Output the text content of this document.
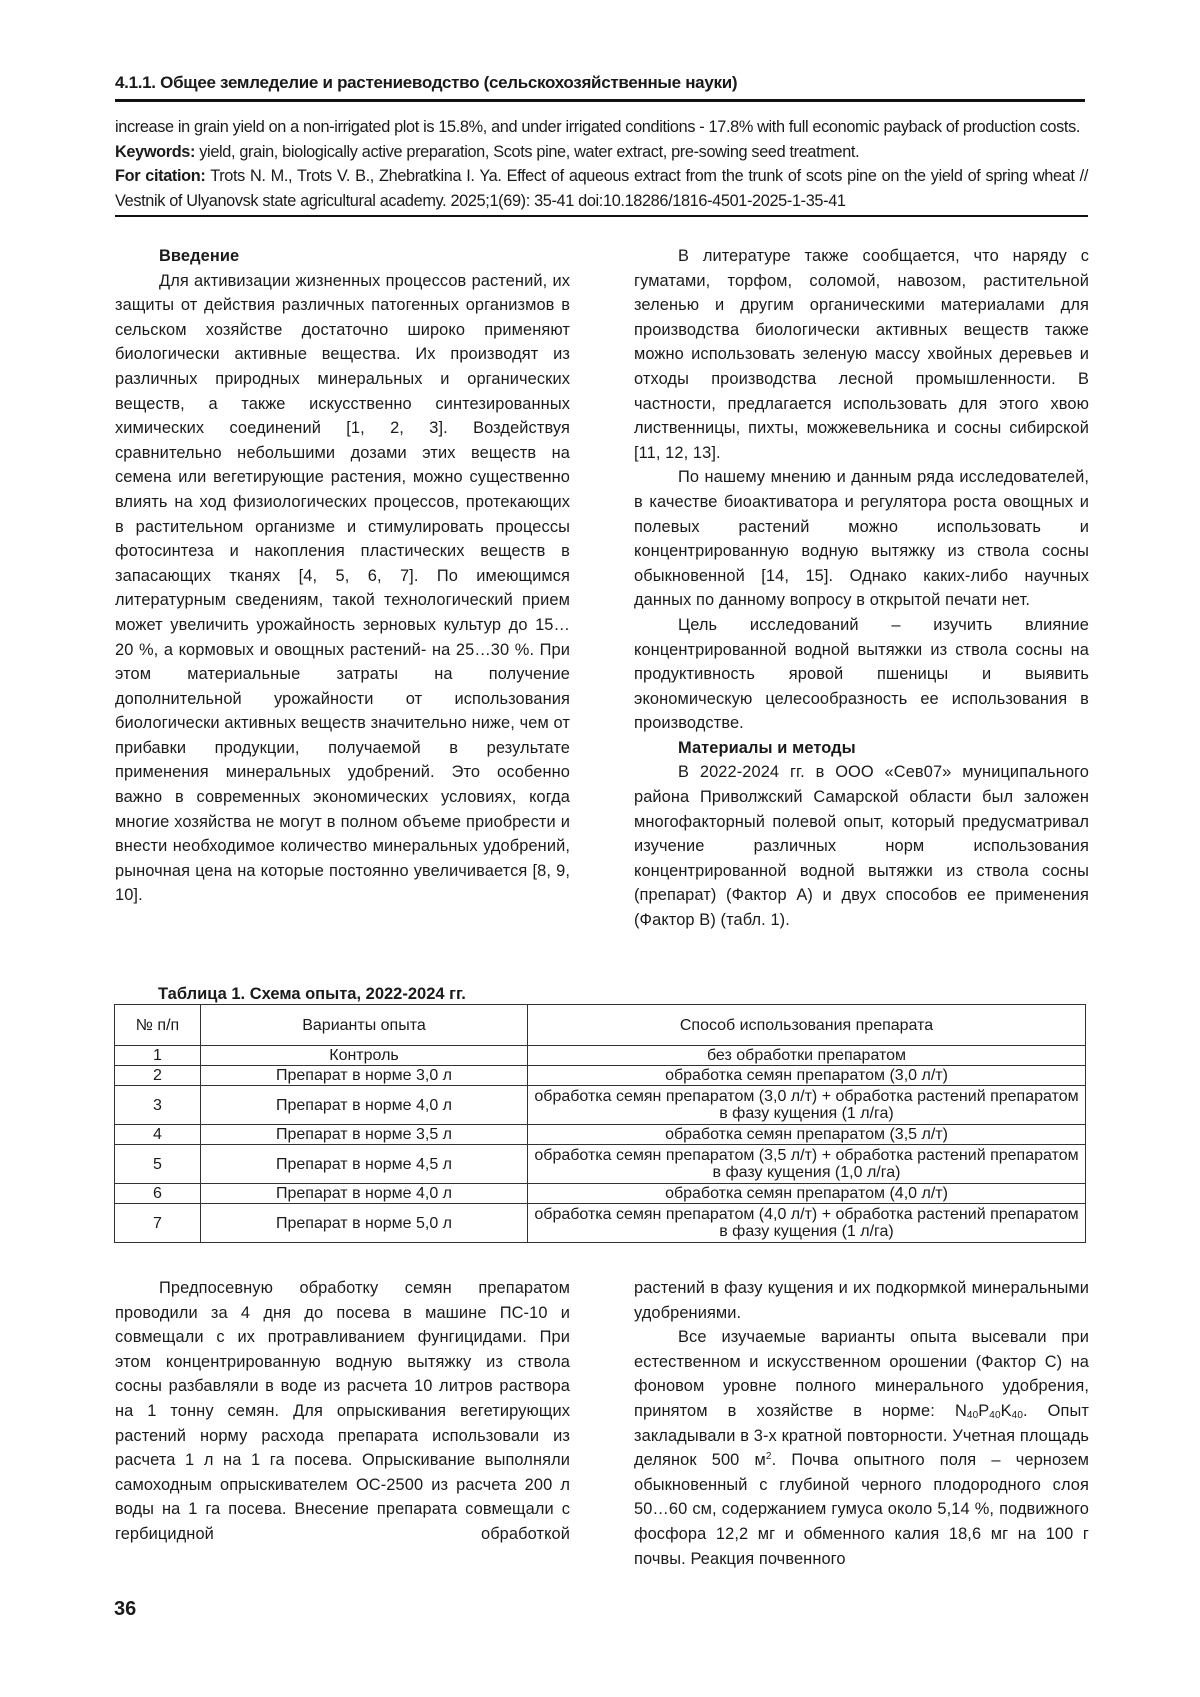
4.1.1. Общее земледелие и растениеводство (сельскохозяйственные науки)

increase in grain yield on a non-irrigated plot is 15.8%, and under irrigated conditions - 17.8% with full economic payback of production costs.

Keywords: yield, grain, biologically active preparation, Scots pine, water extract, pre-sowing seed treatment.

For citation: Trots N. M., Trots V. B., Zhebratkina I. Ya. Effect of aqueous extract from the trunk of scots pine on the yield of spring wheat // Vestnik of Ulyanovsk state agricultural academy. 2025;1(69): 35-41 doi:10.18286/1816-4501-2025-1-35-41

Введение

Для активизации жизненных процессов растений, их защиты от действия различных патогенных организмов в сельском хозяйстве достаточно широко применяют биологически активные вещества. Их производят из различных природных минеральных и органических веществ, а также искусственно синтезированных химических соединений [1, 2, 3]. Воздействуя сравнительно небольшими дозами этих веществ на семена или вегетирующие растения, можно существенно влиять на ход физиологических процессов, протекающих в растительном организме и стимулировать процессы фотосинтеза и накопления пластических веществ в запасающих тканях [4, 5, 6, 7]. По имеющимся литературным сведениям, такой технологический прием может увеличить урожайность зерновых культур до 15…20 %, а кормовых и овощных растений- на 25…30 %. При этом материальные затраты на получение дополнительной урожайности от использования биологически активных веществ значительно ниже, чем от прибавки продукции, получаемой в результате применения минеральных удобрений. Это особенно важно в современных экономических условиях, когда многие хозяйства не могут в полном объеме приобрести и внести необходимое количество минеральных удобрений, рыночная цена на которые постоянно увеличивается [8, 9, 10].

В литературе также сообщается, что наряду с гуматами, торфом, соломой, навозом, растительной зеленью и другим органическими материалами для производства биологически активных веществ также можно использовать зеленую массу хвойных деревьев и отходы производства лесной промышленности. В частности, предлагается использовать для этого хвою лиственницы, пихты, можжевельника и сосны сибирской [11, 12, 13].

По нашему мнению и данным ряда исследователей, в качестве биоактиватора и регулятора роста овощных и полевых растений можно использовать и концентрированную водную вытяжку из ствола сосны обыкновенной [14, 15]. Однако каких-либо научных данных по данному вопросу в открытой печати нет.

Цель исследований – изучить влияние концентрированной водной вытяжки из ствола сосны на продуктивность яровой пшеницы и выявить экономическую целесообразность ее использования в производстве.

Материалы и методы

В 2022-2024 гг. в ООО «Сев07» муниципального района Приволжский Самарской области был заложен многофакторный полевой опыт, который предусматривал изучение различных норм использования концентрированной водной вытяжки из ствола сосны (препарат) (Фактор А) и двух способов ее применения (Фактор В) (табл. 1).

Таблица 1. Схема опыта, 2022-2024 гг.
№ п/п	Варианты опыта	Способ использования препарата
1	Контроль	без обработки препаратом
2	Препарат в норме 3,0 л	обработка семян препаратом (3,0 л/т)
3	Препарат в норме 4,0 л	обработка семян препаратом (3,0 л/т) + обработка растений препаратом в фазу кущения (1 л/га)
4	Препарат в норме 3,5 л	обработка семян препаратом (3,5 л/т)
5	Препарат в норме 4,5 л	обработка семян препаратом (3,5 л/т) + обработка растений препаратом в фазу кущения (1,0 л/га)
6	Препарат в норме 4,0 л	обработка семян препаратом (4,0 л/т)
7	Препарат в норме 5,0 л	обработка семян препаратом (4,0 л/т) + обработка растений препаратом в фазу кущения (1 л/га)

Предпосевную обработку семян препаратом проводили за 4 дня до посева в машине ПС-10 и совмещали с их протравливанием фунгицидами. При этом концентрированную водную вытяжку из ствола сосны разбавляли в воде из расчета 10 литров раствора на 1 тонну семян. Для опрыскивания вегетирующих растений норму расхода препарата использовали из расчета 1 л на 1 га посева. Опрыскивание выполняли самоходным опрыскивателем ОС-2500 из расчета 200 л воды на 1 га посева. Внесение препарата совмещали с гербицидной обработкой

растений в фазу кущения и их подкормкой минеральными удобрениями.

Все изучаемые варианты опыта высевали при естественном и искусственном орошении (Фактор С) на фоновом уровне полного минерального удобрения, принятом в хозяйстве в норме: $N_{40}P_{40}K_{40}$. Опыт закладывали в 3-х кратной повторности. Учетная площадь делянок 500 $м^2$. Почва опытного поля – чернозем обыкновенный с глубиной черного плодородного слоя 50…60 см, содержанием гумуса около 5,14 %, подвижного фосфора 12,2 мг и обменного калия 18,6 мг на 100 г почвы. Реакция почвенного

36
